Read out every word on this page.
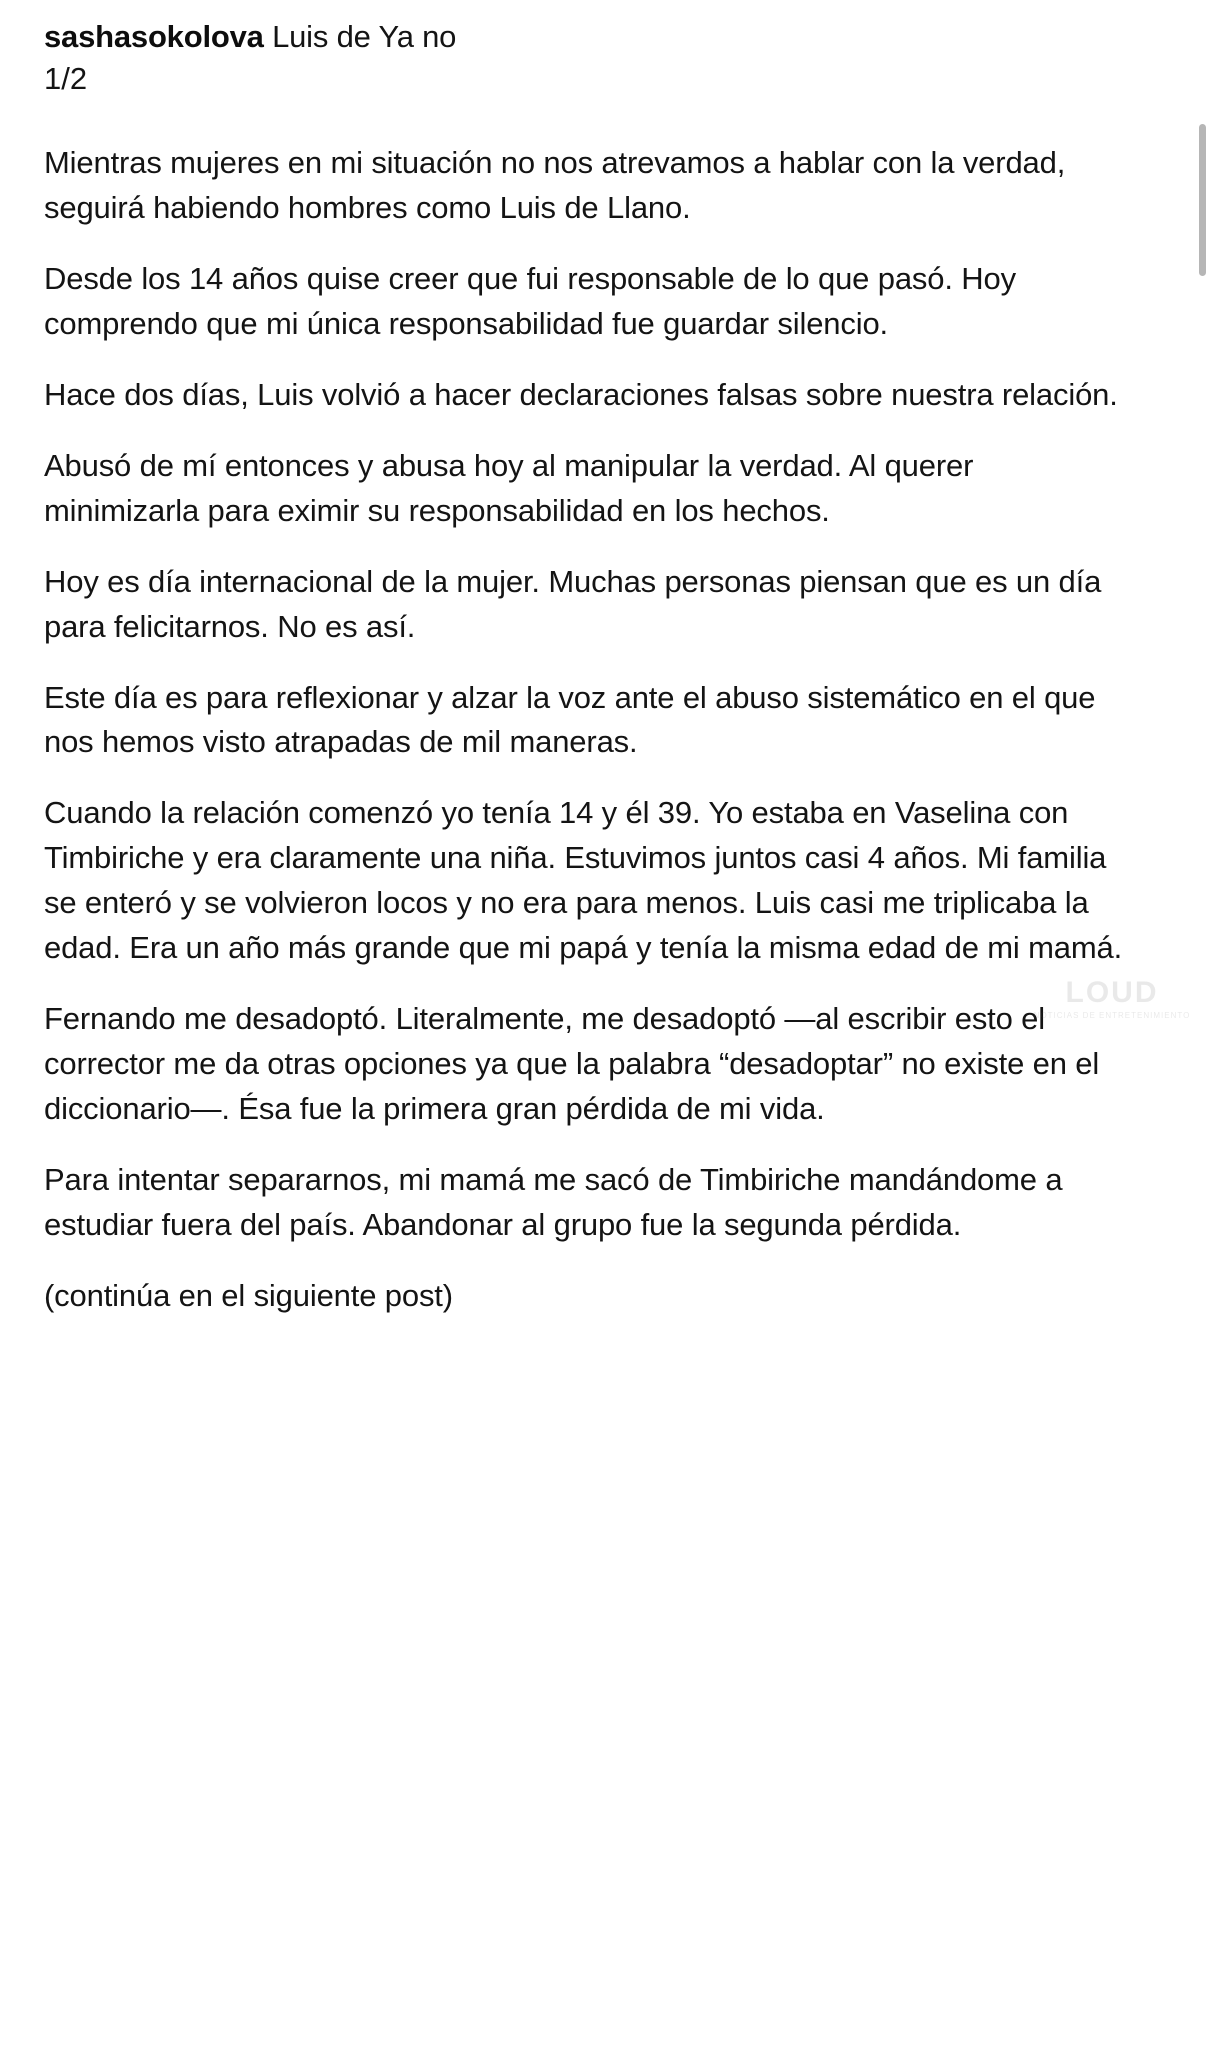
sashasokolova Luis de Ya no
1/2

Mientras mujeres en mi situación no nos atrevamos a hablar con la verdad, seguirá habiendo hombres como Luis de Llano.

Desde los 14 años quise creer que fui responsable de lo que pasó. Hoy comprendo que mi única responsabilidad fue guardar silencio.

Hace dos días, Luis volvió a hacer declaraciones falsas sobre nuestra relación.

Abusó de mí entonces y abusa hoy al manipular la verdad. Al querer minimizarla para eximir su responsabilidad en los hechos.

Hoy es día internacional de la mujer. Muchas personas piensan que es un día para felicitarnos. No es así.

Este día es para reflexionar y alzar la voz ante el abuso sistemático en el que nos hemos visto atrapadas de mil maneras.

Cuando la relación comenzó yo tenía 14 y él 39. Yo estaba en Vaselina con Timbiriche y era claramente una niña. Estuvimos juntos casi 4 años. Mi familia se enteró y se volvieron locos y no era para menos. Luis casi me triplicaba la edad. Era un año más grande que mi papá y tenía la misma edad de mi mamá.

Fernando me desadoptó. Literalmente, me desadoptó —al escribir esto el corrector me da otras opciones ya que la palabra “desadoptar” no existe en el diccionario—. Ésa fue la primera gran pérdida de mi vida.

Para intentar separarnos, mi mamá me sacó de Timbiriche mandándome a estudiar fuera del país. Abandonar al grupo fue la segunda pérdida.

(continúa en el siguiente post)

LOUD
NOTICIAS DE ENTRETENIMIENTO
